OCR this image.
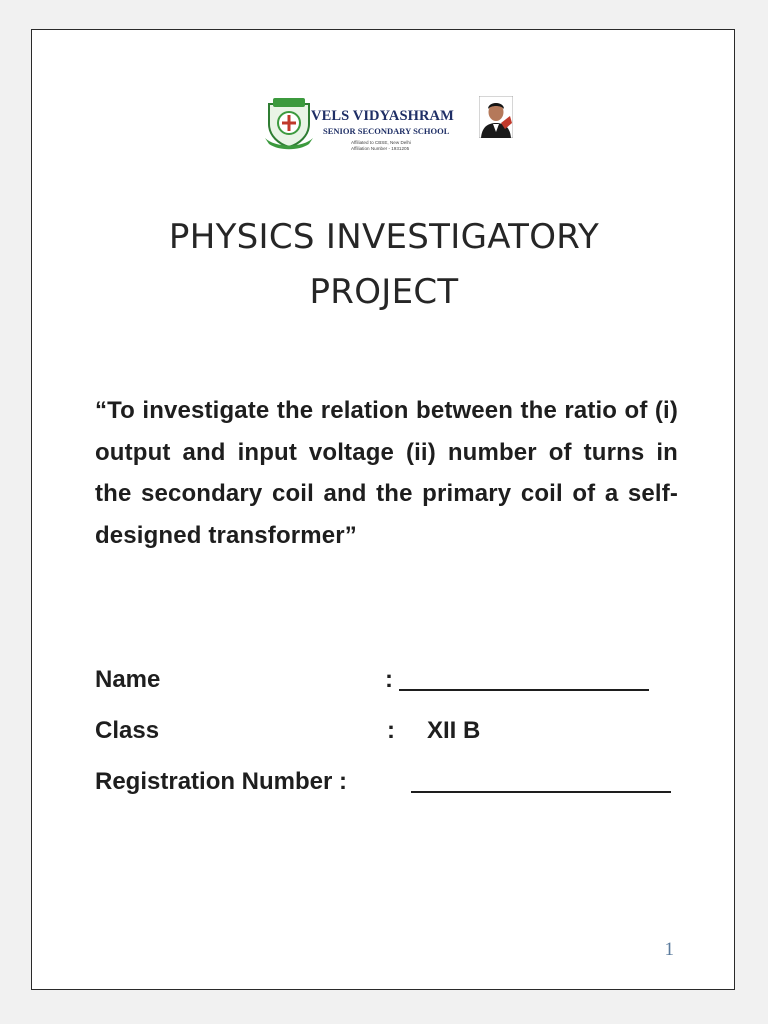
VELS VIDYASHRAM
SENIOR SECONDARY SCHOOL
Affiliated to CBSE, New Delhi
Affiliation Number - 1931205
PHYSICS INVESTIGATORY
PROJECT
“To investigate the relation between the ratio of (i) output and input voltage (ii) number of turns in the secondary coil and the primary coil of a self-designed transformer”
Name	:
Class	: XII B
Registration Number :
1
